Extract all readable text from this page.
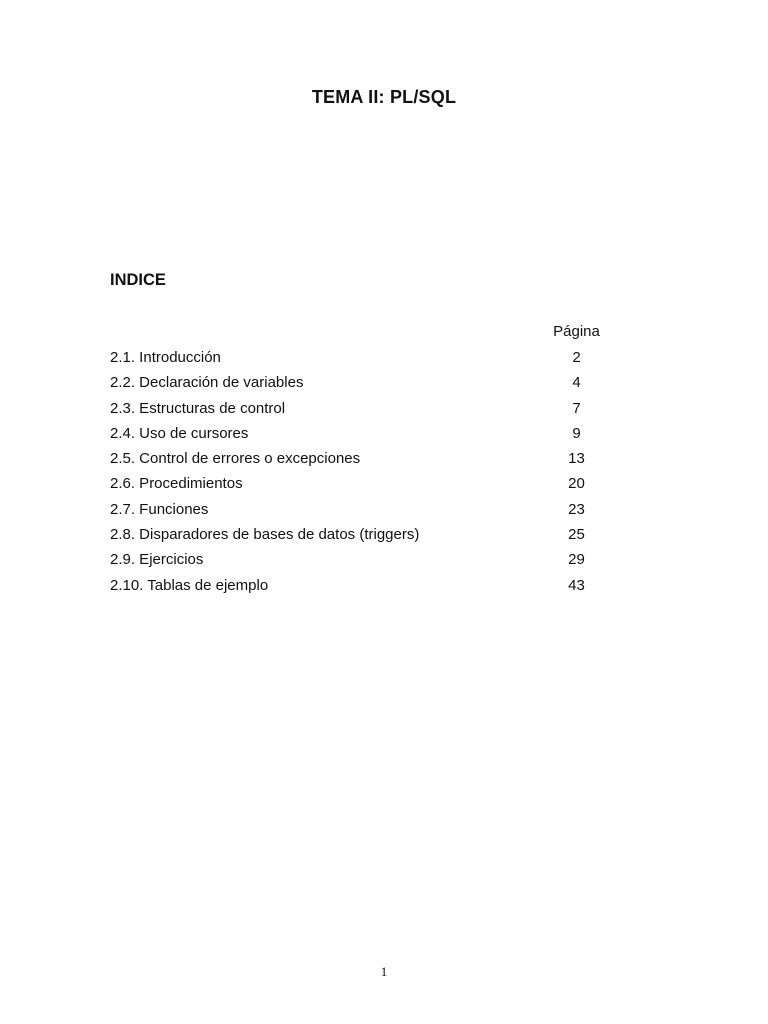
TEMA II: PL/SQL
INDICE
Página
2.1. Introducción	2
2.2. Declaración de variables	4
2.3. Estructuras de control	7
2.4. Uso de cursores	9
2.5. Control de errores o excepciones	13
2.6. Procedimientos	20
2.7. Funciones	23
2.8. Disparadores de bases de datos (triggers)	25
2.9. Ejercicios	29
2.10. Tablas de ejemplo	43
1
